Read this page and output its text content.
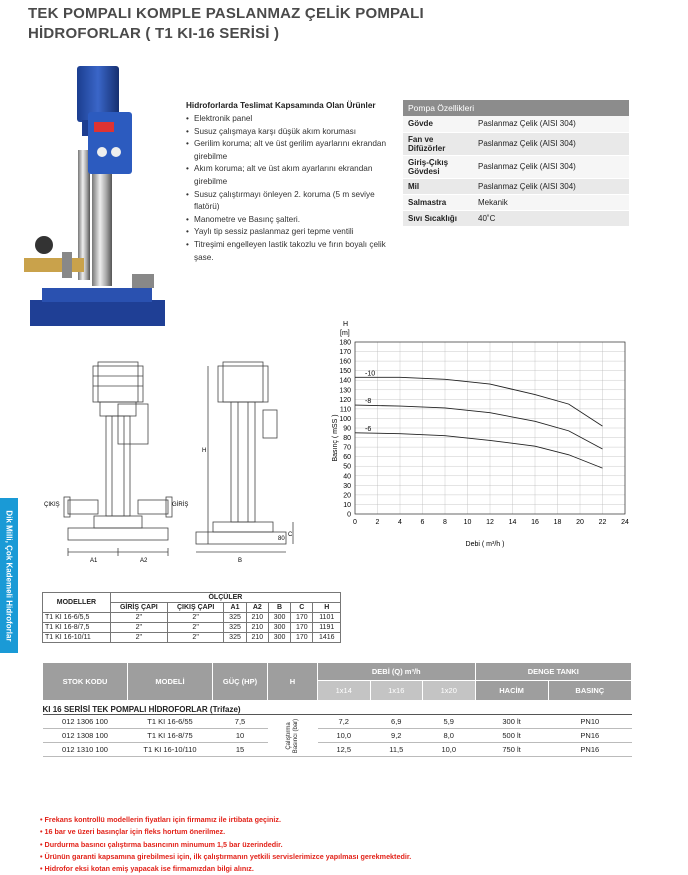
TEK POMPALI KOMPLE PASLANMAZ ÇELİK POMPALI
HİDROFORLAR ( T1 KI-16 SERİSİ )
Dik Milli, Çok Kademeli Hidroforlar
Hidroforlarda Teslimat Kapsamında Olan Ürünler
• Elektronik panel
• Susuz çalışmaya karşı düşük akım koruması
• Gerilim koruma; alt ve üst gerilim ayarlarını ekrandan girebilme
• Akım koruma; alt ve üst akım ayarlarını ekrandan girebilme
• Susuz çalıştırmayı önleyen 2. koruma (5 m seviye flatörü)
• Manometre ve Basınç şalteri.
• Yaylı tip sessiz paslanmaz geri tepme ventili
• Titreşimi engelleyen lastik takozlu ve fırın boyalı çelik şase.
Pompa Özellikleri	
Gövde	Paslanmaz Çelik (AISI 304)
Fan ve Difüzörler	Paslanmaz Çelik (AISI 304)
Giriş-Çıkış Gövdesi	Paslanmaz Çelik (AISI 304)
Mil	Paslanmaz Çelik (AISI 304)
Salmastra	Mekanik
Sıvı Sıcaklığı	40˚C
ÇIKIŞ	GİRİŞ
A1	A2	B
H
C
80
H
[m]
Basınç ( mSS )
Debi ( m³/h )
0
10
20
30
40
50
60
70
80
90
100
110
120
130
140
150
160
170
180
0	2	4	6	8 10 12 14 16 18 20 22 24
-10
-8
-6
MODELLER	ÖLÇÜLER						
	GİRİŞ ÇAPI	ÇIKIŞ ÇAPI	A1	A2	B	C	H
T1 KI 16-6/5,5	2"	2"	325	210	300	170	1101
T1 KI 16-8/7,5	2"	2"	325	210	300	170	1191
T1 KI 16-10/11	2"	2"	325	210	300	170	1416
STOK KODU	MODELİ	GÜÇ (HP)	H	DEBİ (Q) m³/h			DENGE TANKI	
				1x14	1x16	1x20	HACİM	BASINÇ
KI 16 SERİSİ TEK POMPALI HİDROFORLAR (Trifaze)								
012 1306 100	T1 KI 16-6/55	7,5	Çalıştırma Basıncı (bar)	7,2	6,9	5,9	300 lt	PN10
012 1308 100	T1 KI 16-8/75	10		10,0	9,2	8,0	500 lt	PN16
012 1310 100	T1 KI 16-10/110	15		12,5	11,5	10,0	750 lt	PN16
• Frekans kontrollü modellerin fiyatları için firmamız ile irtibata geçiniz.
• 16 bar ve üzeri basınçlar için fleks hortum önerilmez.
• Durdurma basıncı çalıştırma basıncının minumum 1,5 bar üzerindedir.
• Ürünün garanti kapsamına girebilmesi için, ilk çalıştırmanın yetkili servislerimizce yapılması gerekmektedir.
• Hidrofor eksi kotan emiş yapacak ise firmamızdan bilgi alınız.
